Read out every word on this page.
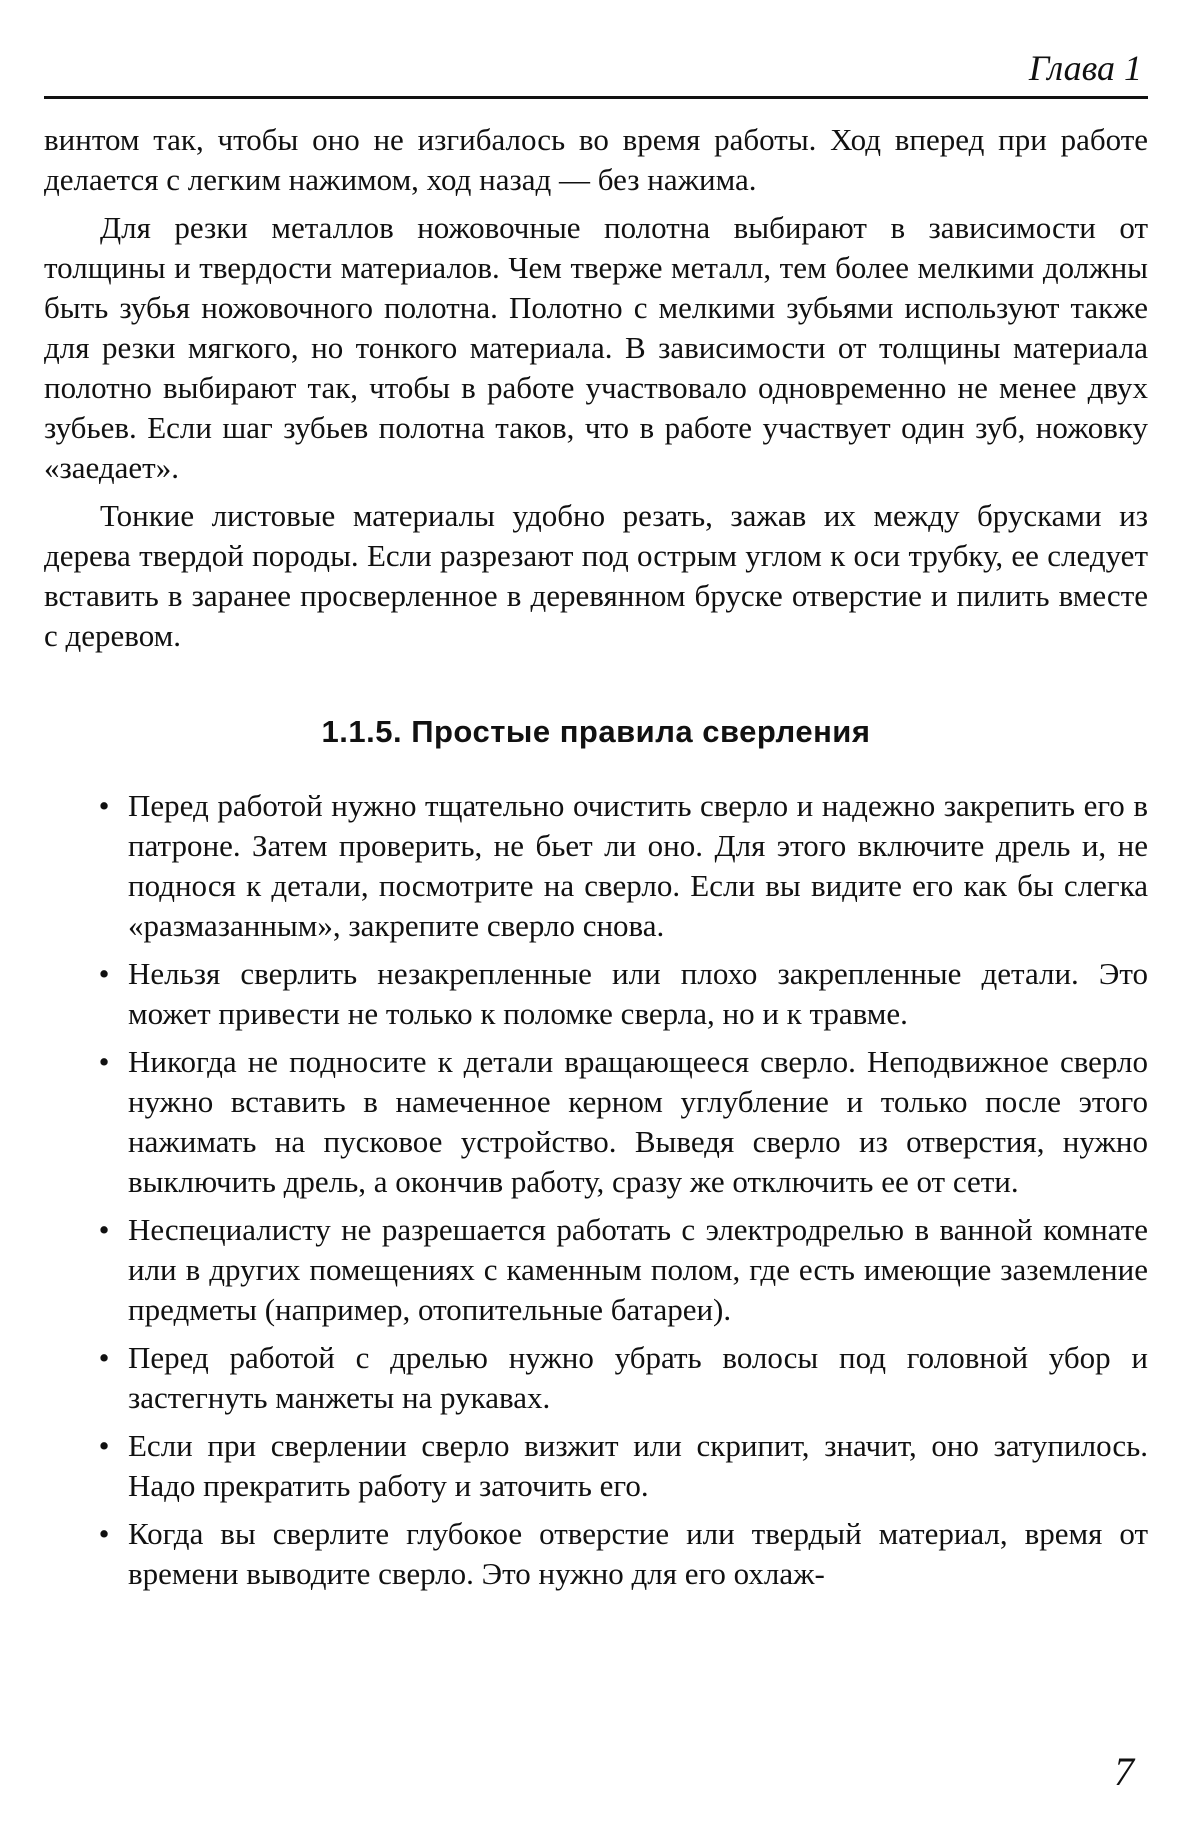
Глава 1

винтом так, чтобы оно не изгибалось во время работы. Ход вперед при работе делается с легким нажимом, ход назад — без нажима.

Для резки металлов ножовочные полотна выбирают в зависимости от толщины и твердости материалов. Чем тверже металл, тем более мелкими должны быть зубья ножовочного полотна. Полотно с мелкими зубьями используют также для резки мягкого, но тонкого материала. В зависимости от толщины материала полотно выбирают так, чтобы в работе участвовало одновременно не менее двух зубьев. Если шаг зубьев полотна таков, что в работе участвует один зуб, ножовку «заедает».

Тонкие листовые материалы удобно резать, зажав их между брусками из дерева твердой породы. Если разрезают под острым углом к оси трубку, ее следует вставить в заранее просверленное в деревянном бруске отверстие и пилить вместе с деревом.

1.1.5. Простые правила сверления
• Перед работой нужно тщательно очистить сверло и надежно закрепить его в патроне. Затем проверить, не бьет ли оно. Для этого включите дрель и, не поднося к детали, посмотрите на сверло. Если вы видите его как бы слегка «размазанным», закрепите сверло снова.
• Нельзя сверлить незакрепленные или плохо закрепленные детали. Это может привести не только к поломке сверла, но и к травме.
• Никогда не подносите к детали вращающееся сверло. Неподвижное сверло нужно вставить в намеченное керном углубление и только после этого нажимать на пусковое устройство. Выведя сверло из отверстия, нужно выключить дрель, а окончив работу, сразу же отключить ее от сети.
• Неспециалисту не разрешается работать с электродрелью в ванной комнате или в других помещениях с каменным полом, где есть имеющие заземление предметы (например, отопительные батареи).
• Перед работой с дрелью нужно убрать волосы под головной убор и застегнуть манжеты на рукавах.
• Если при сверлении сверло визжит или скрипит, значит, оно затупилось. Надо прекратить работу и заточить его.
• Когда вы сверлите глубокое отверстие или твердый материал, время от времени выводите сверло. Это нужно для его охлаж-
7
